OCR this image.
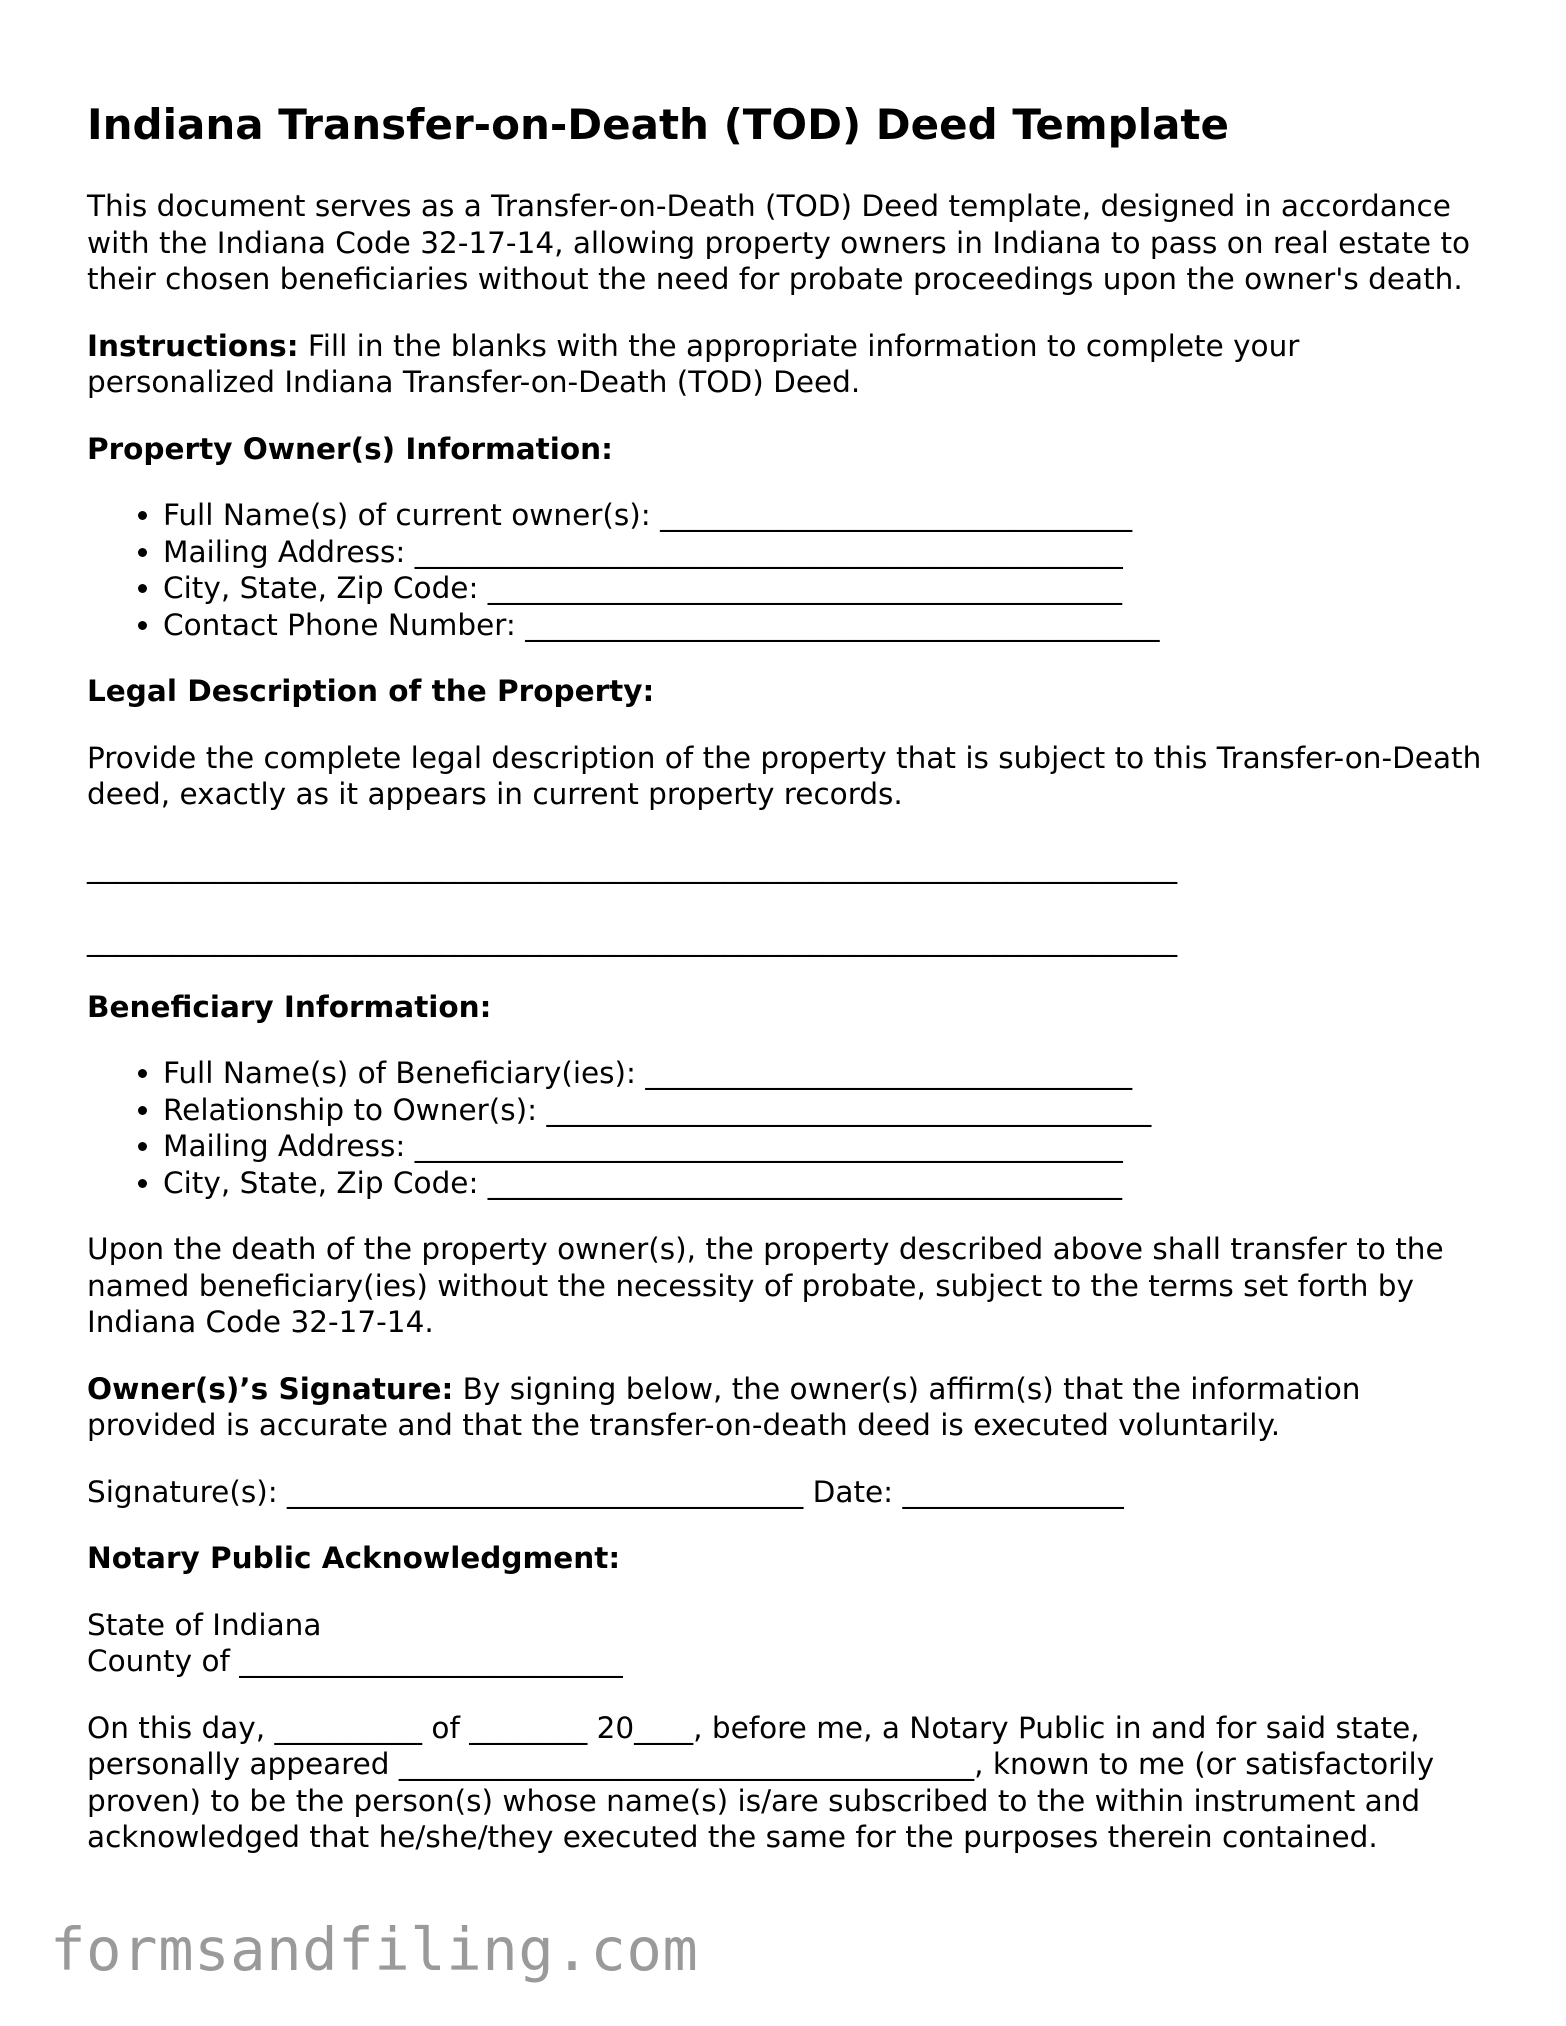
Indiana Transfer-on-Death (TOD) Deed Template

This document serves as a Transfer-on-Death (TOD) Deed template, designed in accordance with the Indiana Code 32-17-14, allowing property owners in Indiana to pass on real estate to their chosen beneficiaries without the need for probate proceedings upon the owner's death.

Instructions: Fill in the blanks with the appropriate information to complete your personalized Indiana Transfer-on-Death (TOD) Deed.

Property Owner(s) Information:
• Full Name(s) of current owner(s): ________________________________
• Mailing Address: ________________________________________________
• City, State, Zip Code: ___________________________________________
• Contact Phone Number: ___________________________________________
Legal Description of the Property:

Provide the complete legal description of the property that is subject to this Transfer-on-Death deed, exactly as it appears in current property records.

_____________________________________________________________________________
_____________________________________________________________________________
Beneficiary Information:
• Full Name(s) of Beneficiary(ies): _________________________________
• Relationship to Owner(s): _________________________________________
• Mailing Address: ________________________________________________
• City, State, Zip Code: ___________________________________________

Upon the death of the property owner(s), the property described above shall transfer to the named beneficiary(ies) without the necessity of probate, subject to the terms set forth by Indiana Code 32-17-14.

Owner(s)’s Signature: By signing below, the owner(s) affirm(s) that the information provided is accurate and that the transfer-on-death deed is executed voluntarily.

Signature(s): ___________________________________ Date: _______________

Notary Public Acknowledgment:

State of Indiana
County of __________________________

On this day, __________ of ________ 20____, before me, a Notary Public in and for said state, personally appeared _______________________________________, known to me (or satisfactorily proven) to be the person(s) whose name(s) is/are subscribed to the within instrument and acknowledged that he/she/they executed the same for the purposes therein contained.

formsandfiling.com
